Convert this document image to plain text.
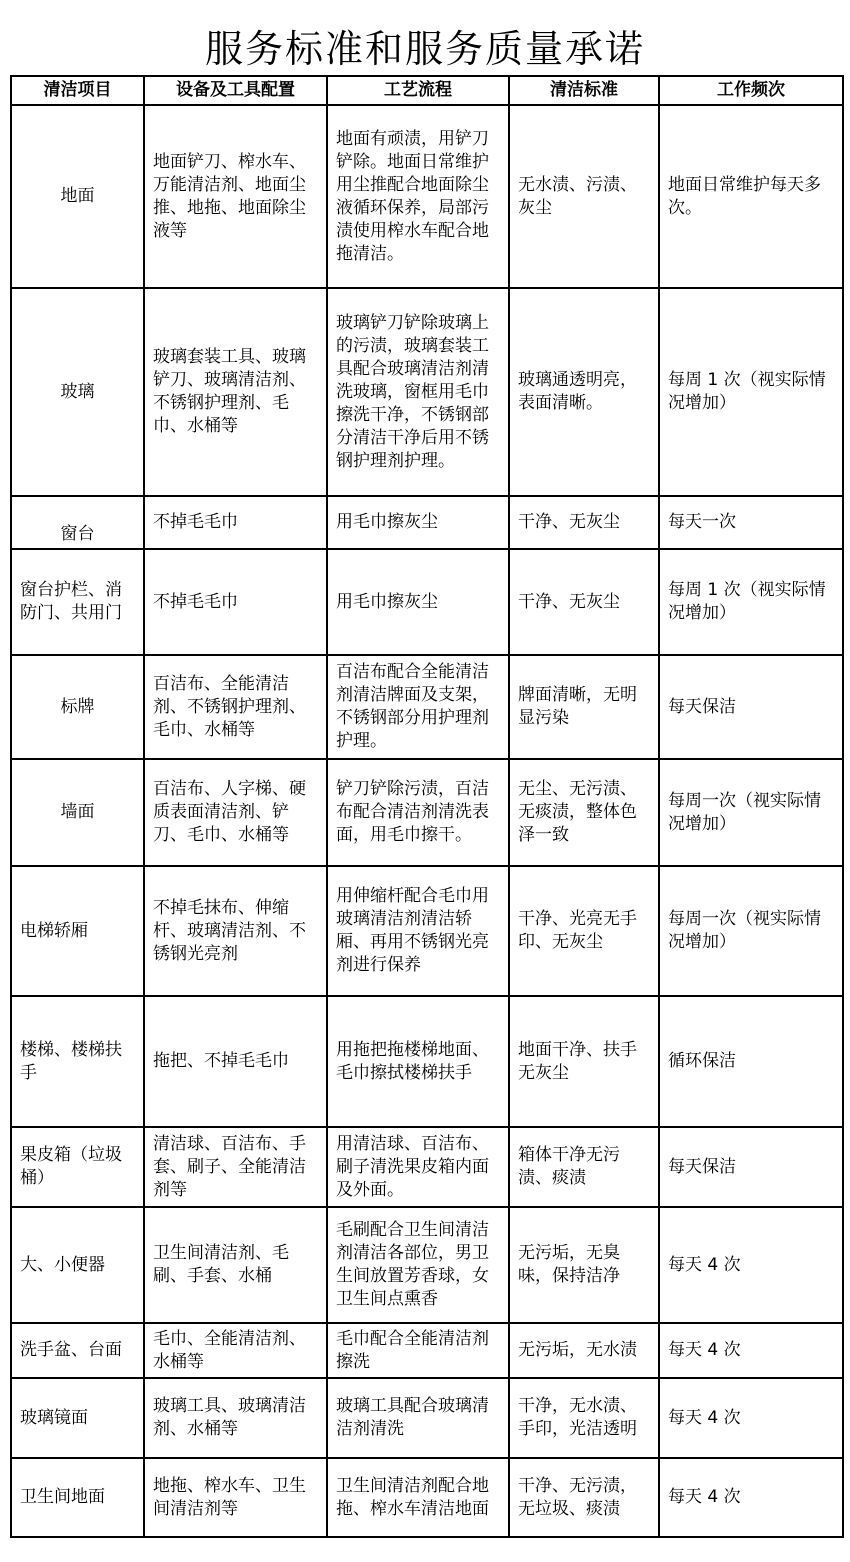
服务标准和服务质量承诺
清洁项目	设备及工具配置	工艺流程	清洁标准	工作频次
地面	地面铲刀、榨水车、万能清洁剂、地面尘推、地拖、地面除尘液等	地面有顽渍，用铲刀铲除。地面日常维护用尘推配合地面除尘液循环保养，局部污渍使用榨水车配合地拖清洁。	无水渍、污渍、灰尘	地面日常维护每天多次。
玻璃	玻璃套装工具、玻璃铲刀、玻璃清洁剂、不锈钢护理剂、毛巾、水桶等	玻璃铲刀铲除玻璃上的污渍，玻璃套装工具配合玻璃清洁剂清洗玻璃，窗框用毛巾擦洗干净，不锈钢部分清洁干净后用不锈钢护理剂护理。	玻璃通透明亮，表面清晰。	每周 1 次（视实际情况增加）
窗台	不掉毛毛巾	用毛巾擦灰尘	干净、无灰尘	每天一次
窗台护栏、消防门、共用门	不掉毛毛巾	用毛巾擦灰尘	干净、无灰尘	每周 1 次（视实际情况增加）
标牌	百洁布、全能清洁剂、不锈钢护理剂、毛巾、水桶等	百洁布配合全能清洁剂清洁牌面及支架，不锈钢部分用护理剂护理。	牌面清晰，无明显污染	每天保洁
墙面	百洁布、人字梯、硬质表面清洁剂、铲刀、毛巾、水桶等	铲刀铲除污渍，百洁布配合清洁剂清洗表面，用毛巾擦干。	无尘、无污渍、无痰渍，整体色泽一致	每周一次（视实际情况增加）
电梯轿厢	不掉毛抹布、伸缩杆、玻璃清洁剂、不锈钢光亮剂	用伸缩杆配合毛巾用玻璃清洁剂清洁轿厢、再用不锈钢光亮剂进行保养	干净、光亮无手印、无灰尘	每周一次（视实际情况增加）
楼梯、楼梯扶手	拖把、不掉毛毛巾	用拖把拖楼梯地面、毛巾擦拭楼梯扶手	地面干净、扶手无灰尘	循环保洁
果皮箱（垃圾桶）	清洁球、百洁布、手套、刷子、全能清洁剂等	用清洁球、百洁布、刷子清洗果皮箱内面及外面。	箱体干净无污渍、痰渍	每天保洁
大、小便器	卫生间清洁剂、毛刷、手套、水桶	毛刷配合卫生间清洁剂清洁各部位，男卫生间放置芳香球，女卫生间点熏香	无污垢，无臭味，保持洁净	每天 4 次
洗手盆、台面	毛巾、全能清洁剂、水桶等	毛巾配合全能清洁剂擦洗	无污垢，无水渍	每天 4 次
玻璃镜面	玻璃工具、玻璃清洁剂、水桶等	玻璃工具配合玻璃清洁剂清洗	干净，无水渍、手印，光洁透明	每天 4 次
卫生间地面	地拖、榨水车、卫生间清洁剂等	卫生间清洁剂配合地拖、榨水车清洁地面	干净、无污渍，无垃圾、痰渍	每天 4 次
